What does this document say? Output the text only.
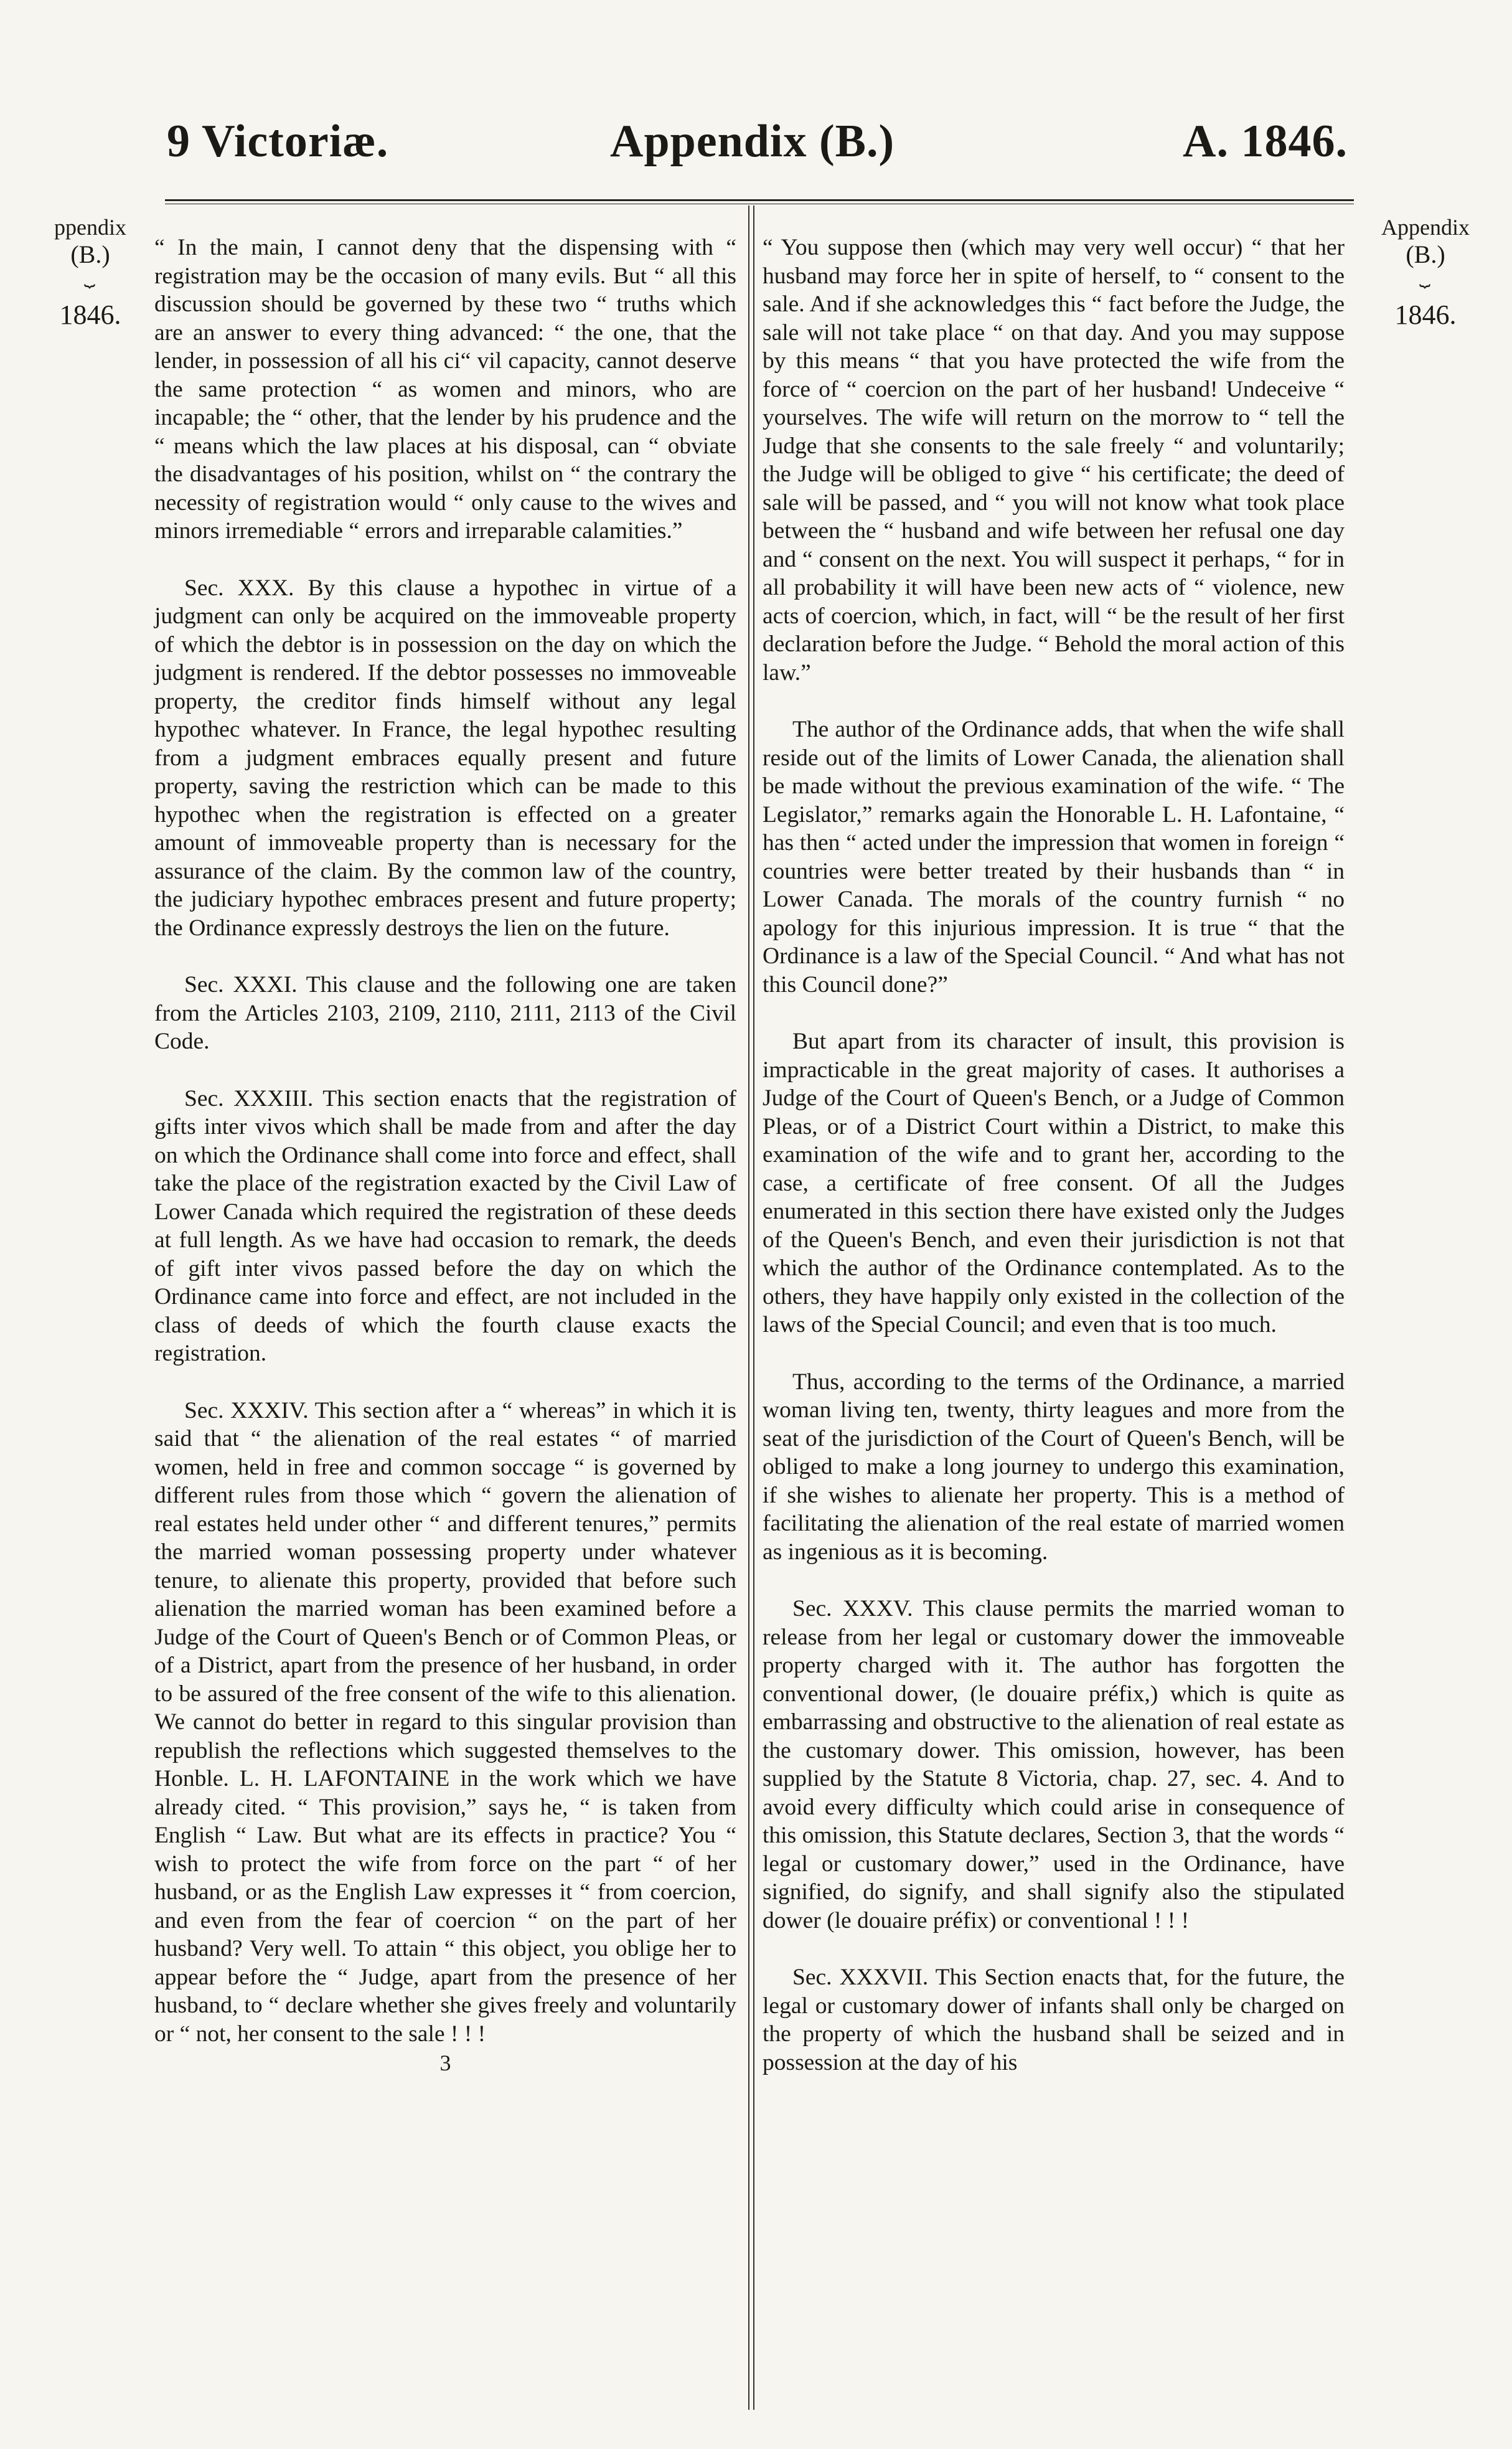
9 Victoriæ.	Appendix (B.)	A. 1846.
ppendix
(B.)
⏟
1846.
Appendix
(B.)
⏟
1846.

“ In the main, I cannot deny that the dispensing with “ registration may be the occasion of many evils. But “ all this discussion should be governed by these two “ truths which are an answer to every thing advanced: “ the one, that the lender, in possession of all his ci“ vil capacity, cannot deserve the same protection “ as women and minors, who are incapable; the “ other, that the lender by his prudence and the “ means which the law places at his disposal, can “ obviate the disadvantages of his position, whilst on “ the contrary the necessity of registration would “ only cause to the wives and minors irremediable “ errors and irreparable calamities.”

Sec. XXX. By this clause a hypothec in virtue of a judgment can only be acquired on the immoveable property of which the debtor is in possession on the day on which the judgment is rendered. If the debtor possesses no immoveable property, the creditor finds himself without any legal hypothec whatever. In France, the legal hypothec resulting from a judgment embraces equally present and future property, saving the restriction which can be made to this hypothec when the registration is effected on a greater amount of immoveable property than is necessary for the assurance of the claim. By the common law of the country, the judiciary hypothec embraces present and future property; the Ordinance expressly destroys the lien on the future.

Sec. XXXI. This clause and the following one are taken from the Articles 2103, 2109, 2110, 2111, 2113 of the Civil Code.

Sec. XXXIII. This section enacts that the registration of gifts inter vivos which shall be made from and after the day on which the Ordinance shall come into force and effect, shall take the place of the registration exacted by the Civil Law of Lower Canada which required the registration of these deeds at full length. As we have had occasion to remark, the deeds of gift inter vivos passed before the day on which the Ordinance came into force and effect, are not included in the class of deeds of which the fourth clause exacts the registration.

Sec. XXXIV. This section after a “ whereas” in which it is said that “ the alienation of the real estates “ of married women, held in free and common soccage “ is governed by different rules from those which “ govern the alienation of real estates held under other “ and different tenures,” permits the married woman possessing property under whatever tenure, to alienate this property, provided that before such alienation the married woman has been examined before a Judge of the Court of Queen's Bench or of Common Pleas, or of a District, apart from the presence of her husband, in order to be assured of the free consent of the wife to this alienation. We cannot do better in regard to this singular provision than republish the reflections which suggested themselves to the Honble. L. H. LAFONTAINE in the work which we have already cited. “ This provision,” says he, “ is taken from English “ Law. But what are its effects in practice? You “ wish to protect the wife from force on the part “ of her husband, or as the English Law expresses it “ from coercion, and even from the fear of coercion “ on the part of her husband? Very well. To attain “ this object, you oblige her to appear before the “ Judge, apart from the presence of her husband, to “ declare whether she gives freely and voluntarily or “ not, her consent to the sale ! ! !

3

“ You suppose then (which may very well occur) “ that her husband may force her in spite of herself, to “ consent to the sale. And if she acknowledges this “ fact before the Judge, the sale will not take place “ on that day. And you may suppose by this means “ that you have protected the wife from the force of “ coercion on the part of her husband! Undeceive “ yourselves. The wife will return on the morrow to “ tell the Judge that she consents to the sale freely “ and voluntarily; the Judge will be obliged to give “ his certificate; the deed of sale will be passed, and “ you will not know what took place between the “ husband and wife between her refusal one day and “ consent on the next. You will suspect it perhaps, “ for in all probability it will have been new acts of “ violence, new acts of coercion, which, in fact, will “ be the result of her first declaration before the Judge. “ Behold the moral action of this law.”

The author of the Ordinance adds, that when the wife shall reside out of the limits of Lower Canada, the alienation shall be made without the previous examination of the wife. “ The Legislator,” remarks again the Honorable L. H. Lafontaine, “ has then “ acted under the impression that women in foreign “ countries were better treated by their husbands than “ in Lower Canada. The morals of the country furnish “ no apology for this injurious impression. It is true “ that the Ordinance is a law of the Special Council. “ And what has not this Council done?”

But apart from its character of insult, this provision is impracticable in the great majority of cases. It authorises a Judge of the Court of Queen's Bench, or a Judge of Common Pleas, or of a District Court within a District, to make this examination of the wife and to grant her, according to the case, a certificate of free consent. Of all the Judges enumerated in this section there have existed only the Judges of the Queen's Bench, and even their jurisdiction is not that which the author of the Ordinance contemplated. As to the others, they have happily only existed in the collection of the laws of the Special Council; and even that is too much.

Thus, according to the terms of the Ordinance, a married woman living ten, twenty, thirty leagues and more from the seat of the jurisdiction of the Court of Queen's Bench, will be obliged to make a long journey to undergo this examination, if she wishes to alienate her property. This is a method of facilitating the alienation of the real estate of married women as ingenious as it is becoming.

Sec. XXXV. This clause permits the married woman to release from her legal or customary dower the immoveable property charged with it. The author has forgotten the conventional dower, (le douaire préfix,) which is quite as embarrassing and obstructive to the alienation of real estate as the customary dower. This omission, however, has been supplied by the Statute 8 Victoria, chap. 27, sec. 4. And to avoid every difficulty which could arise in consequence of this omission, this Statute declares, Section 3, that the words “ legal or customary dower,” used in the Ordinance, have signified, do signify, and shall signify also the stipulated dower (le douaire préfix) or conventional ! ! !

Sec. XXXVII. This Section enacts that, for the future, the legal or customary dower of infants shall only be charged on the property of which the husband shall be seized and in possession at the day of his
